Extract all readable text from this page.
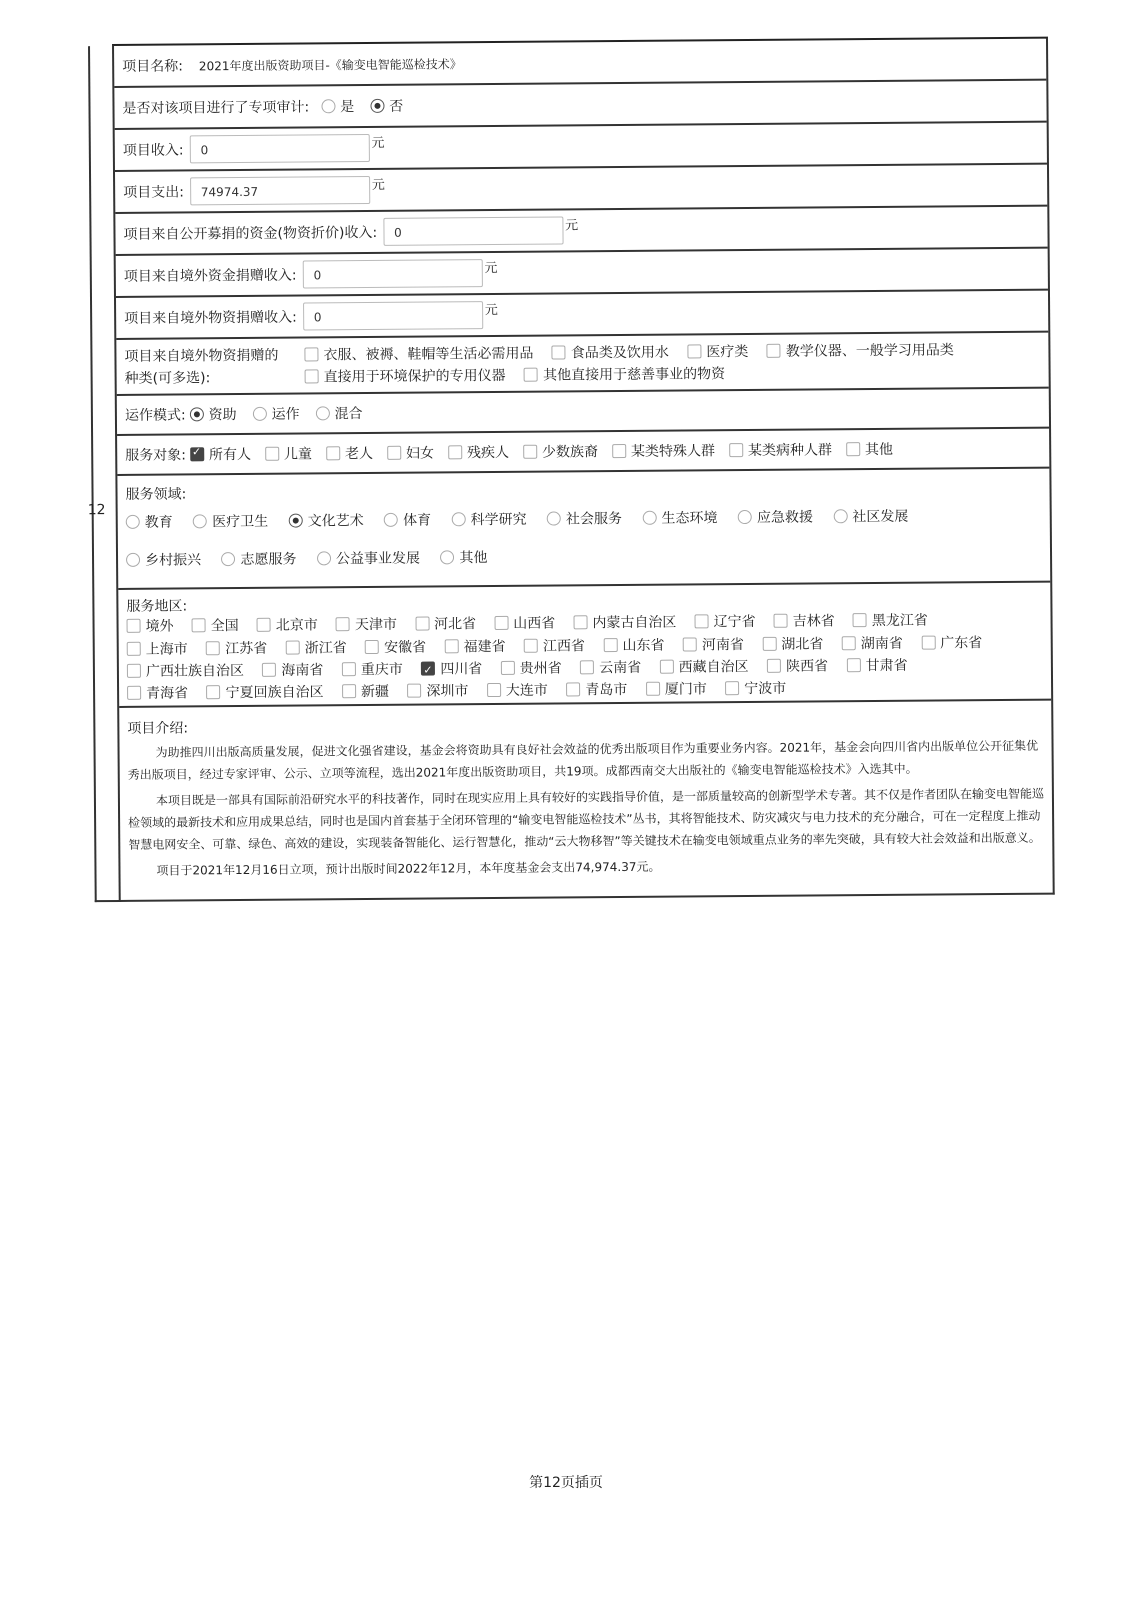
12
项目名称: 2021年度出版资助项目-《输变电智能巡检技术》
是否对该项目进行了专项审计: 是 否
项目收入:	0	元
项目支出:	74974.37	元
项目来自公开募捐的资金(物资折价)收入:	0	元
项目来自境外资金捐赠收入:	0	元
项目来自境外物资捐赠收入:	0	元
项目来自境外物资捐赠的
种类(可多选):
衣服、被褥、鞋帽等生活必需用品	食品类及饮用水	医疗类	教学仪器、一般学习用品类
直接用于环境保护的专用仪器	其他直接用于慈善事业的物资
运作模式: 资助 运作 混合
服务对象: ✓ 所有人 儿童 老人 妇女 残疾人 少数族裔 某类特殊人群 某类病种人群 其他
服务领域:
教育	医疗卫生	文化艺术	体育	科学研究	社会服务	生态环境	应急救援	社区发展
乡村振兴	志愿服务	公益事业发展	其他
服务地区:
境外	全国	北京市	天津市	河北省	山西省	内蒙古自治区	辽宁省	吉林省	黑龙江省
上海市	江苏省	浙江省	安徽省	福建省	江西省	山东省	河南省	湖北省	湖南省	广东省
广西壮族自治区	海南省	重庆市 ✓	四川省	贵州省	云南省	西藏自治区	陕西省	甘肃省
青海省	宁夏回族自治区	新疆	深圳市	大连市	青岛市	厦门市	宁波市
项目介绍:

为助推四川出版高质量发展，促进文化强省建设，基金会将资助具有良好社会效益的优秀出版项目作为重要业务内容。2021年，基金会向四川省内出版单位公开征集优秀出版项目，经过专家评审、公示、立项等流程，选出2021年度出版资助项目，共19项。成都西南交大出版社的《输变电智能巡检技术》入选其中。

本项目既是一部具有国际前沿研究水平的科技著作，同时在现实应用上具有较好的实践指导价值，是一部质量较高的创新型学术专著。其不仅是作者团队在输变电智能巡检领域的最新技术和应用成果总结，同时也是国内首套基于全闭环管理的“输变电智能巡检技术”丛书，其将智能技术、防灾减灾与电力技术的充分融合，可在一定程度上推动智慧电网安全、可靠、绿色、高效的建设，实现装备智能化、运行智慧化，推动“云大物移智”等关键技术在输变电领域重点业务的率先突破，具有较大社会效益和出版意义。

项目于2021年12月16日立项，预计出版时间2022年12月，本年度基金会支出74,974.37元。

第12页插页
